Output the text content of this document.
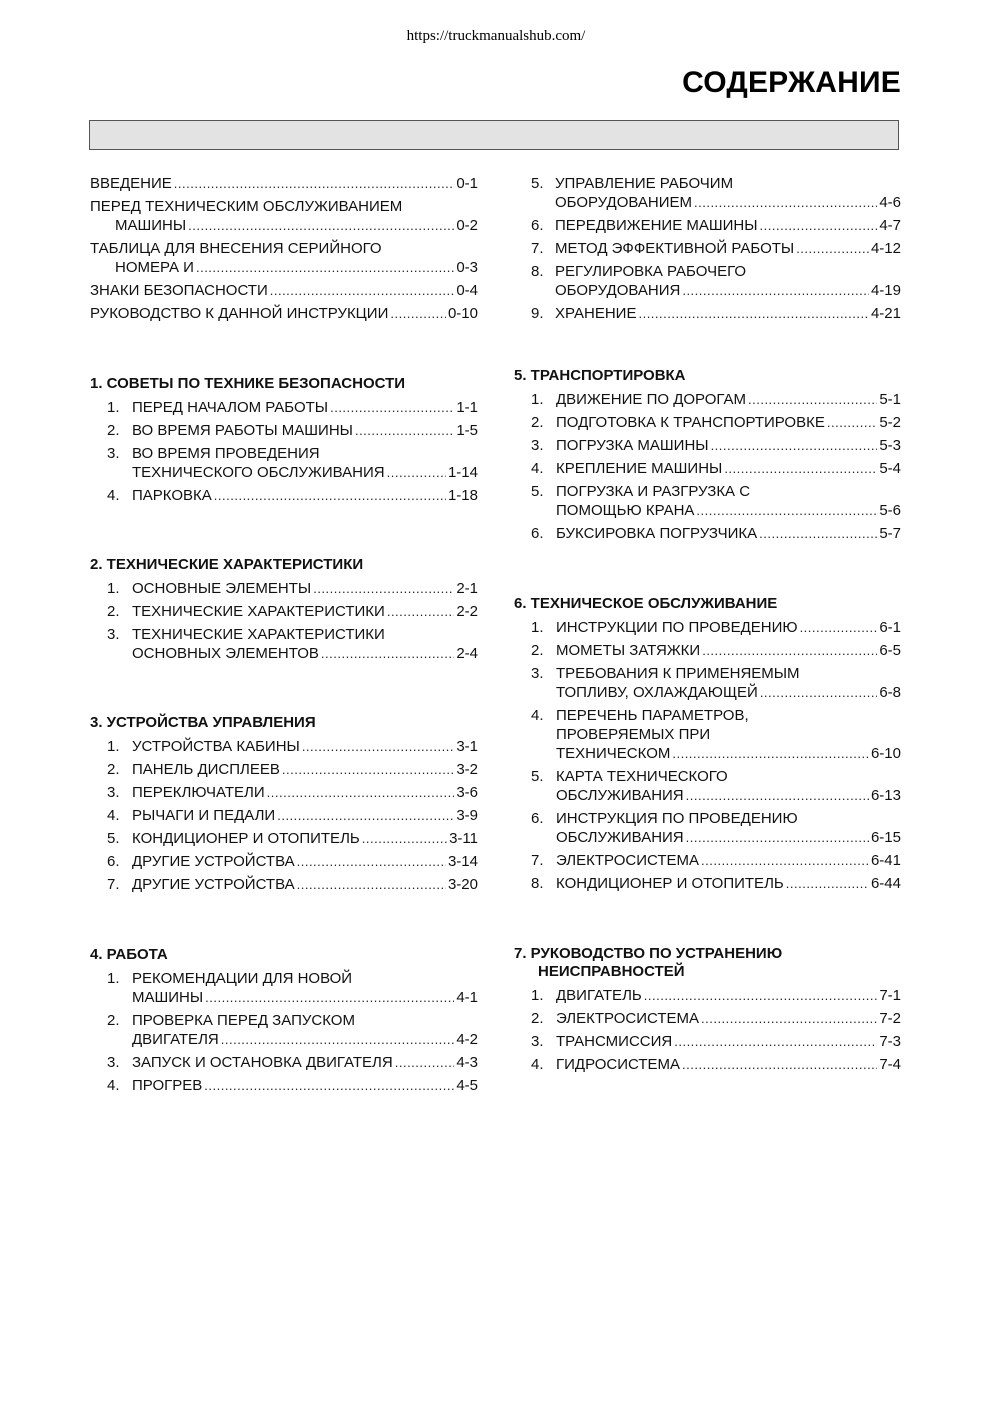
https://truckmanualshub.com/
СОДЕРЖАНИЕ
ВВЕДЕНИЕ .....	0-1
ПЕРЕД ТЕХНИЧЕСКИМ ОБСЛУЖИВАНИЕМ
МАШИНЫ .....	0-2
ТАБЛИЦА ДЛЯ ВНЕСЕНИЯ СЕРИЙНОГО
НОМЕРА И .....	0-3
ЗНАКИ БЕЗОПАСНОСТИ .....	0-4
РУКОВОДСТВО К ДАННОЙ ИНСТРУКЦИИ .....	0-10
1. СОВЕТЫ ПО ТЕХНИКЕ БЕЗОПАСНОСТИ
1. ПЕРЕД НАЧАЛОМ РАБОТЫ .....	1-1
2. ВО ВРЕМЯ РАБОТЫ МАШИНЫ .....	1-5
3. ВО ВРЕМЯ ПРОВЕДЕНИЯ
ТЕХНИЧЕСКОГО ОБСЛУЖИВАНИЯ .....	1-14
4. ПАРКОВКА .....	1-18
2. ТЕХНИЧЕСКИЕ ХАРАКТЕРИСТИКИ
1. ОСНОВНЫЕ ЭЛЕМЕНТЫ .....	2-1
2. ТЕХНИЧЕСКИЕ ХАРАКТЕРИСТИКИ .....	2-2
3. ТЕХНИЧЕСКИЕ ХАРАКТЕРИСТИКИ
ОСНОВНЫХ ЭЛЕМЕНТОВ .....	2-4
3. УСТРОЙСТВА УПРАВЛЕНИЯ
1. УСТРОЙСТВА КАБИНЫ .....	3-1
2. ПАНЕЛЬ ДИСПЛЕЕВ .....	3-2
3. ПЕРЕКЛЮЧАТЕЛИ .....	3-6
4. РЫЧАГИ И ПЕДАЛИ .....	3-9
5. КОНДИЦИОНЕР И ОТОПИТЕЛЬ .....	3-11
6. ДРУГИЕ УСТРОЙСТВА .....	3-14
7. ДРУГИЕ УСТРОЙСТВА .....	3-20
4. РАБОТА
1. РЕКОМЕНДАЦИИ ДЛЯ НОВОЙ
МАШИНЫ .....	4-1
2. ПРОВЕРКА ПЕРЕД ЗАПУСКОМ
ДВИГАТЕЛЯ .....	4-2
3. ЗАПУСК И ОСТАНОВКА ДВИГАТЕЛЯ .....	4-3
4. ПРОГРЕВ .....	4-5
5. УПРАВЛЕНИЕ РАБОЧИМ
ОБОРУДОВАНИЕМ .....	4-6
6. ПЕРЕДВИЖЕНИЕ МАШИНЫ .....	4-7
7. МЕТОД ЭФФЕКТИВНОЙ РАБОТЫ .....	4-12
8. РЕГУЛИРОВКА РАБОЧЕГО
ОБОРУДОВАНИЯ .....	4-19
9. ХРАНЕНИЕ .....	4-21
5. ТРАНСПОРТИРОВКА
1. ДВИЖЕНИЕ ПО ДОРОГАМ .....	5-1
2. ПОДГОТОВКА К ТРАНСПОРТИРОВКЕ .....	5-2
3. ПОГРУЗКА МАШИНЫ .....	5-3
4. КРЕПЛЕНИЕ МАШИНЫ .....	5-4
5. ПОГРУЗКА И РАЗГРУЗКА С
ПОМОЩЬЮ КРАНА .....	5-6
6. БУКСИРОВКА ПОГРУЗЧИКА .....	5-7
6. ТЕХНИЧЕСКОЕ ОБСЛУЖИВАНИЕ
1. ИНСТРУКЦИИ ПО ПРОВЕДЕНИЮ .....	6-1
2. МОМЕТЫ ЗАТЯЖКИ .....	6-5
3. ТРЕБОВАНИЯ К ПРИМЕНЯЕМЫМ
ТОПЛИВУ, ОХЛАЖДАЮЩЕЙ .....	6-8
4. ПЕРЕЧЕНЬ ПАРАМЕТРОВ,
ПРОВЕРЯЕМЫХ ПРИ
ТЕХНИЧЕСКОМ .....	6-10
5. КАРТА ТЕХНИЧЕСКОГО
ОБСЛУЖИВАНИЯ .....	6-13
6. ИНСТРУКЦИЯ ПО ПРОВЕДЕНИЮ
ОБСЛУЖИВАНИЯ .....	6-15
7. ЭЛЕКТРОСИСТЕМА .....	6-41
8. КОНДИЦИОНЕР И ОТОПИТЕЛЬ .....	6-44
7. РУКОВОДСТВО ПО УСТРАНЕНИЮ
НЕИСПРАВНОСТЕЙ
1. ДВИГАТЕЛЬ .....	7-1
2. ЭЛЕКТРОСИСТЕМА .....	7-2
3. ТРАНСМИССИЯ .....	7-3
4. ГИДРОСИСТЕМА .....	7-4
